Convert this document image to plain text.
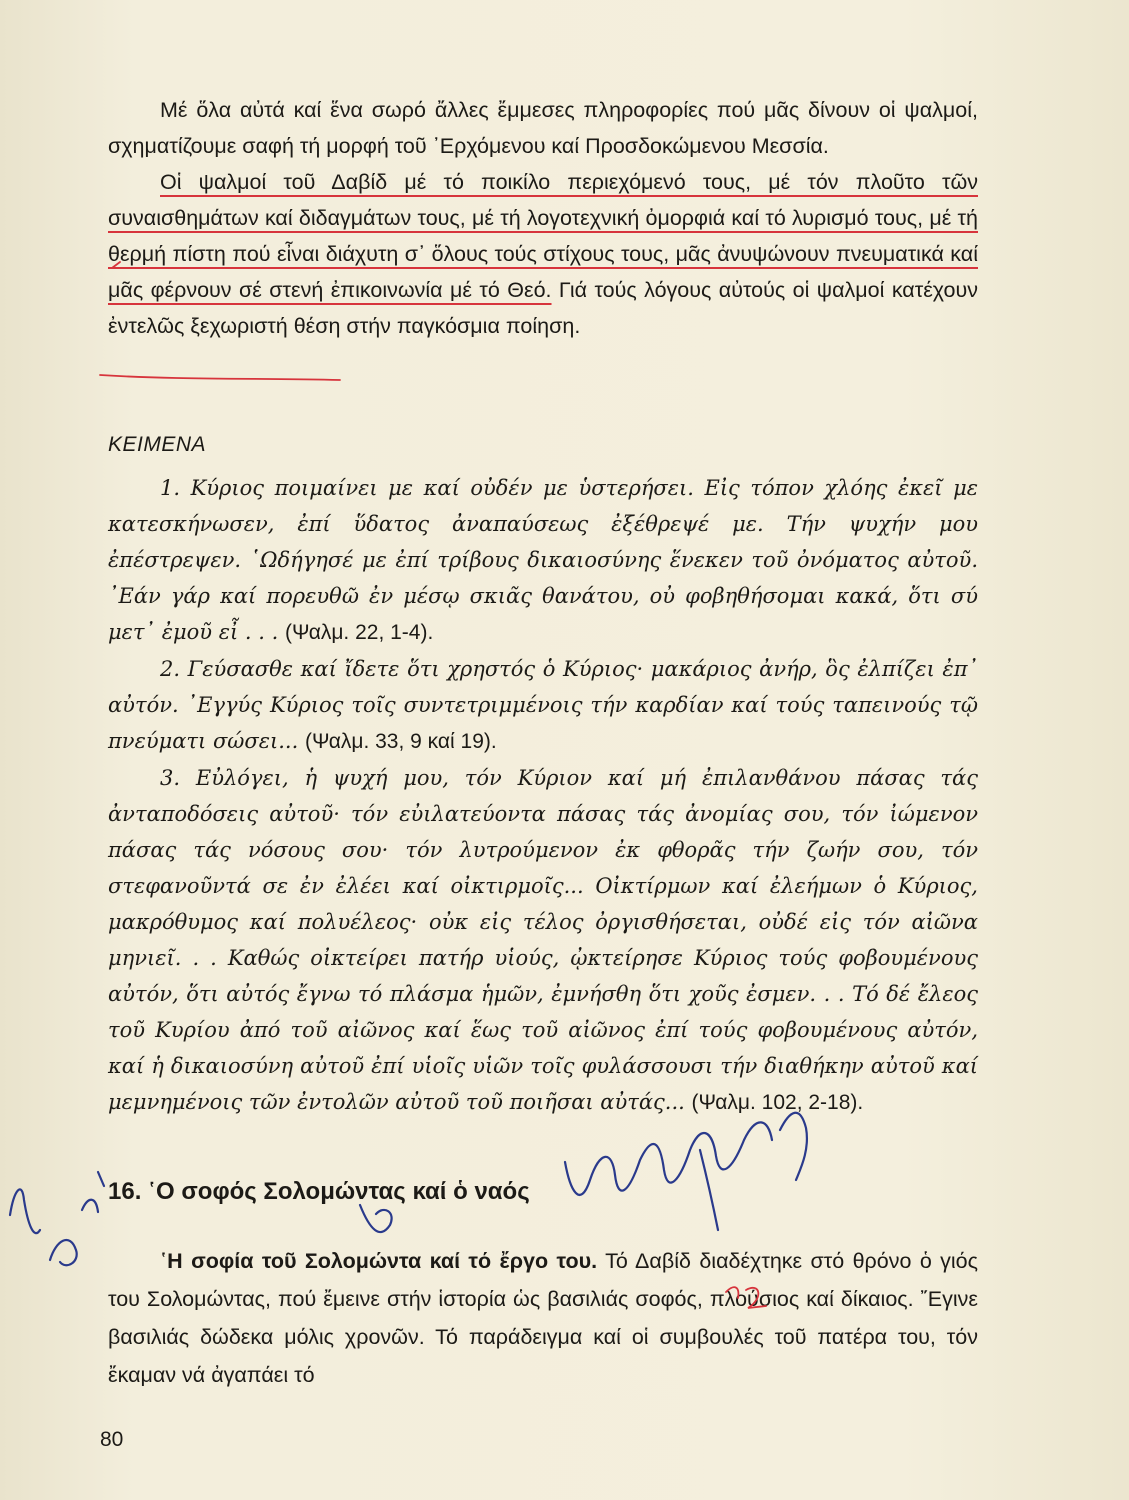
Μέ ὅλα αὐτά καί ἕνα σωρό ἄλλες ἔμμεσες πληροφορίες πού μᾶς δίνουν οἱ ψαλμοί, σχηματίζουμε σαφή τή μορφή τοῦ ᾿Ερχόμενου καί Προσδοκώμενου Μεσσία.

Οἱ ψαλμοί τοῦ Δαβίδ μέ τό ποικίλο περιεχόμενό τους, μέ τόν πλοῦτο τῶν συναισθημάτων καί διδαγμάτων τους, μέ τή λογοτεχνική ὀμορφιά καί τό λυρισμό τους, μέ τή θερμή πίστη πού εἶναι διάχυτη σ᾿ ὅλους τούς στίχους τους, μᾶς ἀνυψώνουν πνευματικά καί μᾶς φέρνουν σέ στενή ἐπικοινωνία μέ τό Θεό. Γιά τούς λόγους αὐτούς οἱ ψαλμοί κατέχουν ἐντελῶς ξεχωριστή θέση στήν παγκόσμια ποίηση.

ΚΕΙΜΕΝΑ

1. Κύριος ποιμαίνει με καί οὐδέν με ὑστερήσει. Εἰς τόπον χλόης ἐκεῖ με κατεσκήνωσεν, ἐπί ὕδατος ἀναπαύσεως ἐξέθρεψέ με. Τήν ψυχήν μου ἐπέστρεψεν. ῾Ωδήγησέ με ἐπί τρίβους δικαιοσύνης ἕνεκεν τοῦ ὀνόματος αὐτοῦ. ᾿Εάν γάρ καί πορευθῶ ἐν μέσῳ σκιᾶς θανάτου, οὐ φοβηθήσομαι κακά, ὅτι σύ μετ᾿ ἐμοῦ εἶ . . . (Ψαλμ. 22, 1-4).

2. Γεύσασθε καί ἴδετε ὅτι χρηστός ὁ Κύριος· μακάριος ἀνήρ, ὃς ἐλπίζει ἐπ᾿ αὐτόν. ᾿Εγγύς Κύριος τοῖς συντετριμμένοις τήν καρδίαν καί τούς ταπεινούς τῷ πνεύματι σώσει... (Ψαλμ. 33, 9 καί 19).

3. Εὐλόγει, ἡ ψυχή μου, τόν Κύριον καί μή ἐπιλανθάνου πάσας τάς ἀνταποδόσεις αὐτοῦ· τόν εὐιλατεύοντα πάσας τάς ἀνομίας σου, τόν ἰώμενον πάσας τάς νόσους σου· τόν λυτρούμενον ἐκ φθορᾶς τήν ζωήν σου, τόν στεφανοῦντά σε ἐν ἐλέει καί οἰκτιρμοῖς... Οἰκτίρμων καί ἐλεήμων ὁ Κύριος, μακρόθυμος καί πολυέλεος· οὐκ εἰς τέλος ὀργισθήσεται, οὐδέ εἰς τόν αἰῶνα μηνιεῖ. . . Καθώς οἰκτείρει πατήρ υἱούς, ᾠκτείρησε Κύριος τούς φοβουμένους αὐτόν, ὅτι αὐτός ἔγνω τό πλάσμα ἡμῶν, ἐμνήσθη ὅτι χοῦς ἐσμεν. . . Τό δέ ἔλεος τοῦ Κυρίου ἀπό τοῦ αἰῶνος καί ἕως τοῦ αἰῶνος ἐπί τούς φοβουμένους αὐτόν, καί ἡ δικαιοσύνη αὐτοῦ ἐπί υἱοῖς υἱῶν τοῖς φυλάσσουσι τήν διαθήκην αὐτοῦ καί μεμνημένοις τῶν ἐντολῶν αὐτοῦ τοῦ ποιῆσαι αὐτάς... (Ψαλμ. 102, 2-18).

16. ῾Ο σοφός Σολομώντας καί ὁ ναός

῾Η σοφία τοῦ Σολομώντα καί τό ἔργο του. Τό Δαβίδ διαδέχτηκε στό θρόνο ὁ γιός του Σολομώντας, πού ἔμεινε στήν ἱστορία ὡς βασιλιάς σοφός, πλούσιος καί δίκαιος. ῎Εγινε βασιλιάς δώδεκα μόλις χρονῶν. Τό παράδειγμα καί οἱ συμβουλές τοῦ πατέρα του, τόν ἔκαμαν νά ἀγαπάει τό

80
